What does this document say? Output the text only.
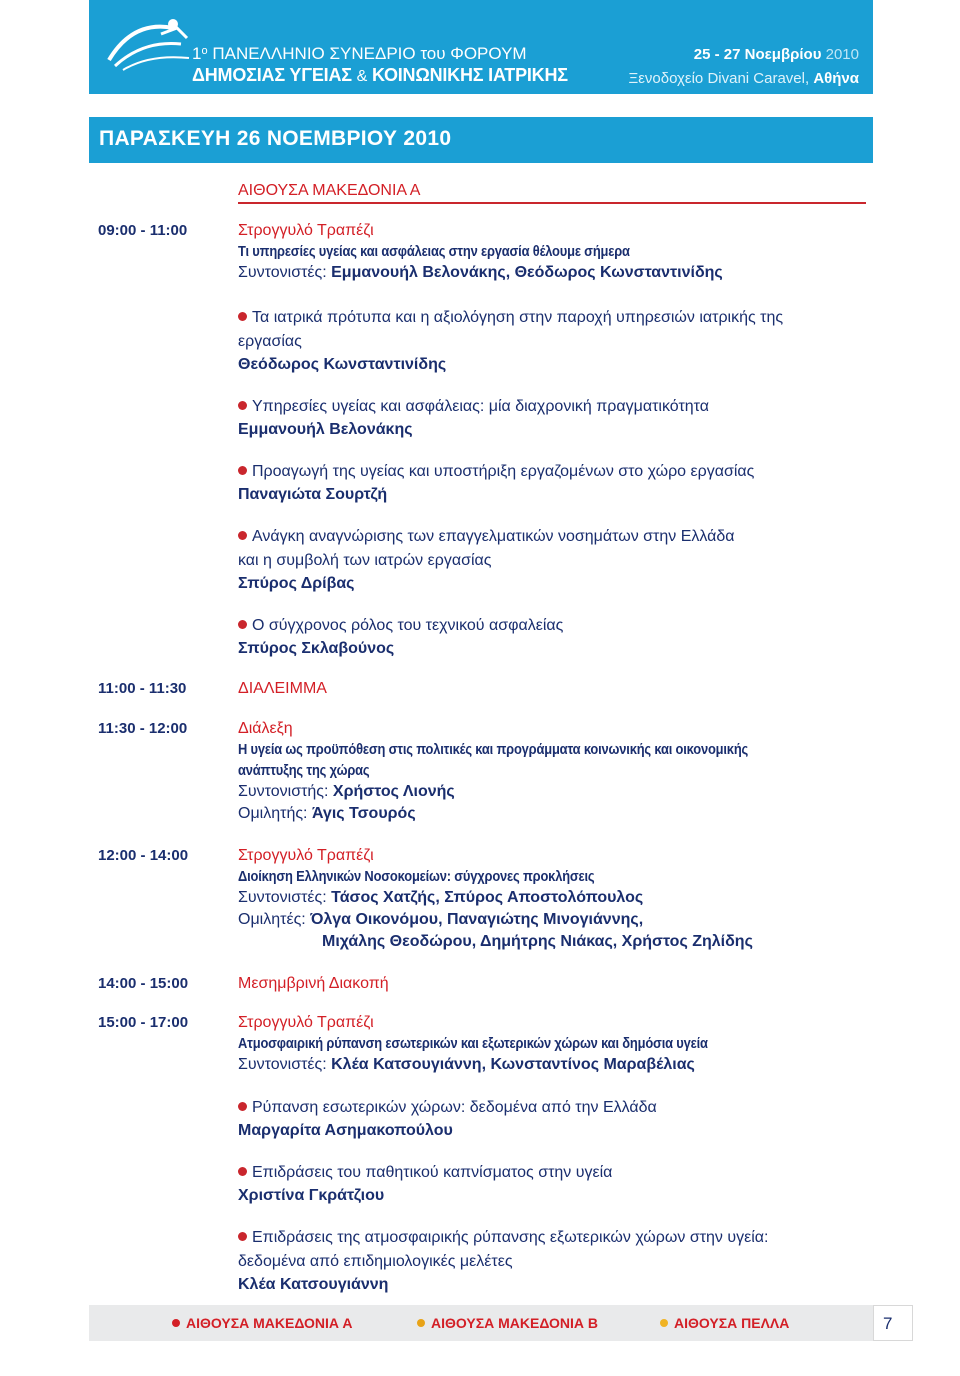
$1^o$ ΠΑΝΕΛΛΗΝΙΟ ΣΥΝΕΔΡΙΟ του ΦΟΡΟΥΜ
ΔΗΜΟΣΙΑΣ ΥΓΕΙΑΣ & ΚΟΙΝΩΝΙΚΗΣ ΙΑΤΡΙΚΗΣ
25 - 27 Νοεμβρίου 2010
Ξενοδοχείο Divani Caravel, Αθήνα
ΠΑΡΑΣΚΕΥΗ 26 ΝΟΕΜΒΡΙΟΥ 2010
ΑΙΘΟΥΣΑ ΜΑΚΕΔΟΝΙΑ Α
09:00 - 11:00	Στρογγυλό Τραπέζι
Τι υπηρεσίες υγείας και ασφάλειας στην εργασία θέλουμε σήμερα
Συντονιστές: Εμμανουήλ Βελονάκης, Θεόδωρος Κωνσταντινίδης
Τα ιατρικά πρότυπα και η αξιολόγηση στην παροχή υπηρεσιών ιατρικής της
εργασίας
Θεόδωρος Κωνσταντινίδης
Υπηρεσίες υγείας και ασφάλειας: μία διαχρονική πραγματικότητα
Εμμανουήλ Βελονάκης
Προαγωγή της υγείας και υποστήριξη εργαζομένων στο χώρο εργασίας
Παναγιώτα Σουρτζή
Ανάγκη αναγνώρισης των επαγγελματικών νοσημάτων στην Ελλάδα
και η συμβολή των ιατρών εργασίας
Σπύρος Δρίβας
Ο σύγχρονος ρόλος του τεχνικού ασφαλείας
Σπύρος Σκλαβούνος
11:00 - 11:30	ΔΙΑΛΕΙΜΜΑ
11:30 - 12:00	Διάλεξη
Η υγεία ως προϋπόθεση στις πολιτικές και προγράμματα κοινωνικής και οικονομικής
ανάπτυξης της χώρας
Συντονιστής: Χρήστος Λιονής
Ομιλητής: Άγις Τσουρός
12:00 - 14:00	Στρογγυλό Τραπέζι
Διοίκηση Ελληνικών Νοσοκομείων: σύγχρονες προκλήσεις
Συντονιστές: Τάσος Χατζής, Σπύρος Αποστολόπουλος
Ομιλητές: Όλγα Οικονόμου, Παναγιώτης Μινογιάννης,
Μιχάλης Θεοδώρου, Δημήτρης Νιάκας, Χρήστος Ζηλίδης
14:00 - 15:00	Μεσημβρινή Διακοπή
15:00 - 17:00	Στρογγυλό Τραπέζι
Ατμοσφαιρική ρύπανση εσωτερικών και εξωτερικών χώρων και δημόσια υγεία
Συντονιστές: Κλέα Κατσουγιάννη, Κωνσταντίνος Μαραβέλιας
Ρύπανση εσωτερικών χώρων: δεδομένα από την Ελλάδα
Μαργαρίτα Ασημακοπούλου
Επιδράσεις του παθητικού καπνίσματος στην υγεία
Χριστίνα Γκράτζιου
Επιδράσεις της ατμοσφαιρικής ρύπανσης εξωτερικών χώρων στην υγεία:
δεδομένα από επιδημιολογικές μελέτες
Κλέα Κατσουγιάννη
ΑΙΘΟΥΣΑ ΜΑΚΕΔΟΝΙΑ Α	ΑΙΘΟΥΣΑ ΜΑΚΕΔΟΝΙΑ Β	ΑΙΘΟΥΣΑ ΠΕΛΛΑ	7
